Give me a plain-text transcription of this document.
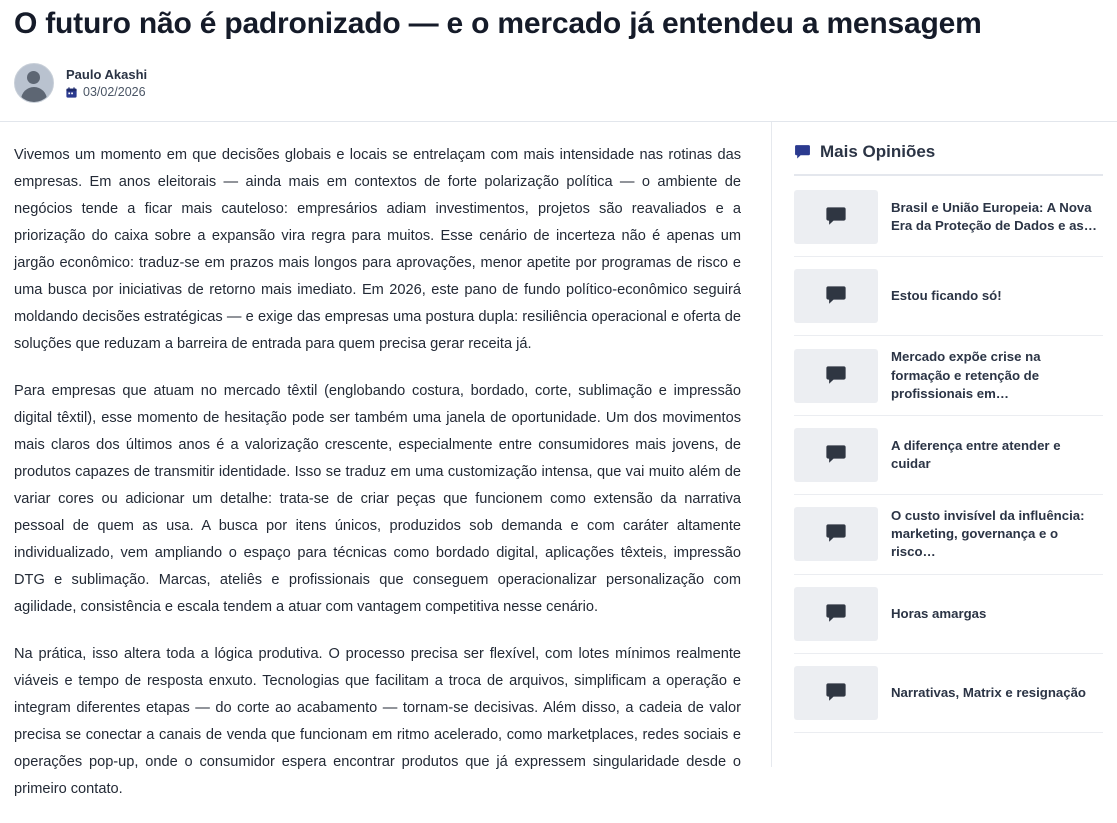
O futuro não é padronizado — e o mercado já entendeu a mensagem
Paulo Akashi
03/02/2026

Vivemos um momento em que decisões globais e locais se entrelaçam com mais intensidade nas rotinas das empresas. Em anos eleitorais — ainda mais em contextos de forte polarização política — o ambiente de negócios tende a ficar mais cauteloso: empresários adiam investimentos, projetos são reavaliados e a priorização do caixa sobre a expansão vira regra para muitos. Esse cenário de incerteza não é apenas um jargão econômico: traduz-se em prazos mais longos para aprovações, menor apetite por programas de risco e uma busca por iniciativas de retorno mais imediato. Em 2026, este pano de fundo político-econômico seguirá moldando decisões estratégicas — e exige das empresas uma postura dupla: resiliência operacional e oferta de soluções que reduzam a barreira de entrada para quem precisa gerar receita já.

Para empresas que atuam no mercado têxtil (englobando costura, bordado, corte, sublimação e impressão digital têxtil), esse momento de hesitação pode ser também uma janela de oportunidade. Um dos movimentos mais claros dos últimos anos é a valorização crescente, especialmente entre consumidores mais jovens, de produtos capazes de transmitir identidade. Isso se traduz em uma customização intensa, que vai muito além de variar cores ou adicionar um detalhe: trata-se de criar peças que funcionem como extensão da narrativa pessoal de quem as usa. A busca por itens únicos, produzidos sob demanda e com caráter altamente individualizado, vem ampliando o espaço para técnicas como bordado digital, aplicações têxteis, impressão DTG e sublimação. Marcas, ateliês e profissionais que conseguem operacionalizar personalização com agilidade, consistência e escala tendem a atuar com vantagem competitiva nesse cenário.

Na prática, isso altera toda a lógica produtiva. O processo precisa ser flexível, com lotes mínimos realmente viáveis e tempo de resposta enxuto. Tecnologias que facilitam a troca de arquivos, simplificam a operação e integram diferentes etapas — do corte ao acabamento — tornam-se decisivas. Além disso, a cadeia de valor precisa se conectar a canais de venda que funcionam em ritmo acelerado, como marketplaces, redes sociais e operações pop-up, onde o consumidor espera encontrar produtos que já expressem singularidade desde o primeiro contato.

Mais Opiniões
Brasil e União Europeia: A Nova Era da Proteção de Dados e as…
Estou ficando só!
Mercado expõe crise na formação e retenção de profissionais em…
A diferença entre atender e cuidar
O custo invisível da influência: marketing, governança e o risco…
Horas amargas
Narrativas, Matrix e resignação
